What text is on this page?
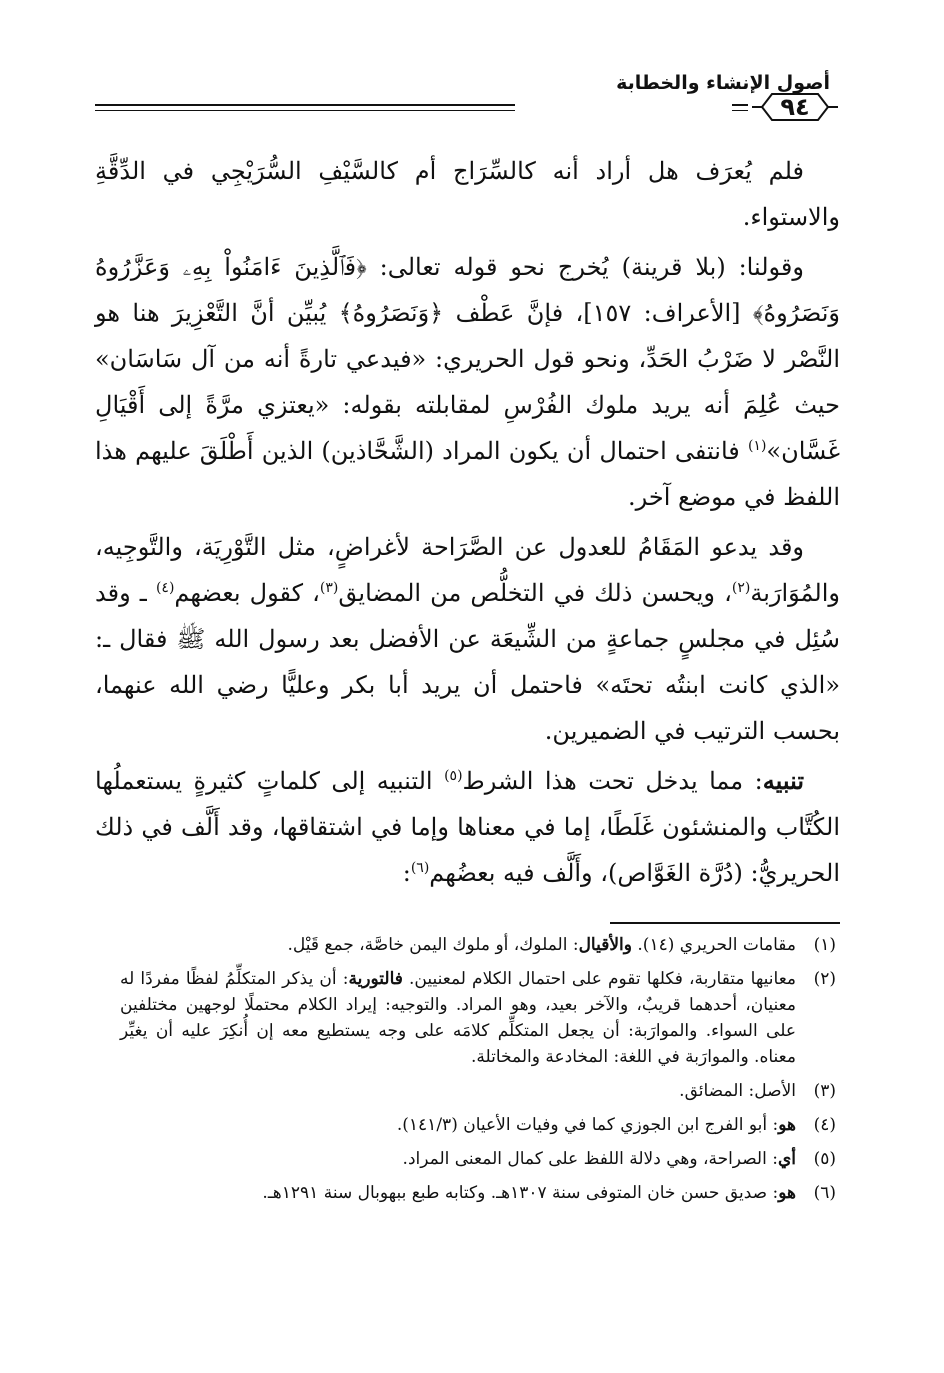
أصول الإنشاء والخطابة
٩٤

فلم يُعرَف هل أراد أنه كالسِّرَاج أم كالسَّيْفِ السُّرَيْجِي في الدِّقَّةِ والاستواء.

وقولنا: (بلا قرينة) يُخرج نحو قوله تعالى: ﴿فَٱلَّذِينَ ءَامَنُواْ بِهِۦ وَعَزَّرُوهُ وَنَصَرُوهُ﴾ [الأعراف: ١٥٧]، فإنَّ عَطْف ﴿وَنَصَرُوهُ﴾ يُبيِّن أنَّ التَّعْزِيرَ هنا هو النَّصْر لا ضَرْبُ الحَدِّ، ونحو قول الحريري: «فيدعي تارةً أنه من آل سَاسَان» حيث عُلِمَ أنه يريد ملوك الفُرْسِ لمقابلته بقوله: «يعتزي مرَّةً إلى أَقْيَالِ غَسَّان»$^{(١)}$ فانتفى احتمال أن يكون المراد (الشَّحَّاذين) الذين أَطْلَقَ عليهم هذا اللفظ في موضع آخر.

وقد يدعو المَقَامُ للعدول عن الصَّرَاحة لأغراضٍ، مثل التَّوْرِيَة، والتَّوجِيه، والمُوَارَبة$^{(٢)}$، ويحسن ذلك في التخلُّص من المضايق$^{(٣)}$، كقول بعضهم$^{(٤)}$ ـ وقد سُئِل في مجلسٍ جماعةٍ من الشِّيعَة عن الأفضل بعد رسول الله ﷺ فقال ـ: «الذي كانت ابنتُه تحتَه» فاحتمل أن يريد أبا بكر وعليًّا رضي الله عنهما، بحسب الترتيب في الضميرين.

تنبيه: مما يدخل تحت هذا الشرط$^{(٥)}$ التنبيه إلى كلماتٍ كثيرةٍ يستعملُها الكُتَّاب والمنشئون غَلَطًا، إما في معناها وإما في اشتقاقها، وقد أَلَّف في ذلك الحريريُّ: (دُرَّة الغَوَّاص)، وأَلَّف فيه بعضُهم$^{(٦)}$:

(١)
مقامات الحريري (١٤). والأقيال: الملوك، أو ملوك اليمن خاصَّة، جمع قَيْل.
(٢)
معانيها متقاربة، فكلها تقوم على احتمال الكلام لمعنيين. فالتورية: أن يذكر المتكلِّمُ لفظًا مفردًا له معنيان، أحدهما قريبٌ، والآخر بعيد، وهو المراد. والتوجيه: إيراد الكلام محتملًا لوجهين مختلفين على السواء. والموارَبة: أن يجعل المتكلِّم كلامَه على وجه يستطيع معه إن أُنكِرَ عليه أن يغيِّر معناه. والموارَبة في اللغة: المخادعة والمخاتلة.
(٣)
الأصل: المضائق.
(٤)
هو: أبو الفرج ابن الجوزي كما في وفيات الأعيان (١٤١/٣).
(٥)
أي: الصراحة، وهي دلالة اللفظ على كمال المعنى المراد.
(٦)
هو: صديق حسن خان المتوفى سنة ١٣٠٧هـ. وكتابه طبع ببهوبال سنة ١٢٩١هـ.
